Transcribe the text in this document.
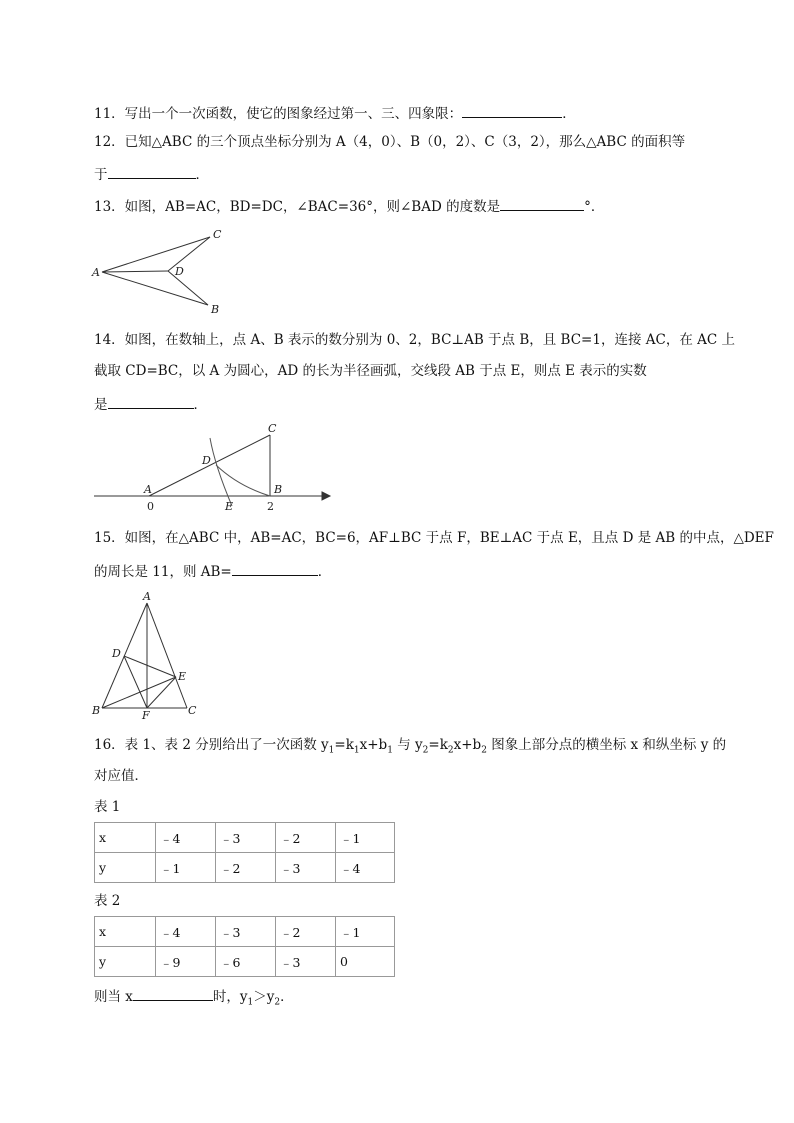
11．写出一个一次函数，使它的图象经过第一、三、四象限：	．
12．已知△ABC 的三个顶点坐标分别为 A（4，0）、B（0，2）、C（3，2），那么△ABC 的面积等
于	．
13．如图，AB=AC，BD=DC，∠BAC=36°，则∠BAD 的度数是	°．
A
C
D
B
14．如图，在数轴上，点 A、B 表示的数分别为 0、2，BC⊥AB 于点 B，且 BC=1，连接 AC，在 AC 上
截取 CD=BC，以 A 为圆心，AD 的长为半径画弧，交线段 AB 于点 E，则点 E 表示的实数
是	．
A
0
D
E
C
B
2
15．如图，在△ABC 中，AB=AC，BC=6，AF⊥BC 于点 F，BE⊥AC 于点 E，且点 D 是 AB 的中点，△DEF
的周长是 11，则 AB=	．
A
D
E
B	F	C
16．表 1、表 2 分别给出了一次函数 $y_1=k_1x+b_1$ 与 $y_2=k_2x+b_2$ 图象上部分点的横坐标 x 和纵坐标 y 的
对应值．
表 1
x	﹣4	﹣3	﹣2	﹣1
y	﹣1	﹣2	﹣3	﹣4
表 2
x	﹣4	﹣3	﹣2	﹣1
y	﹣9	﹣6	﹣3	0
则当 x	时，$y_1>y_2$．
